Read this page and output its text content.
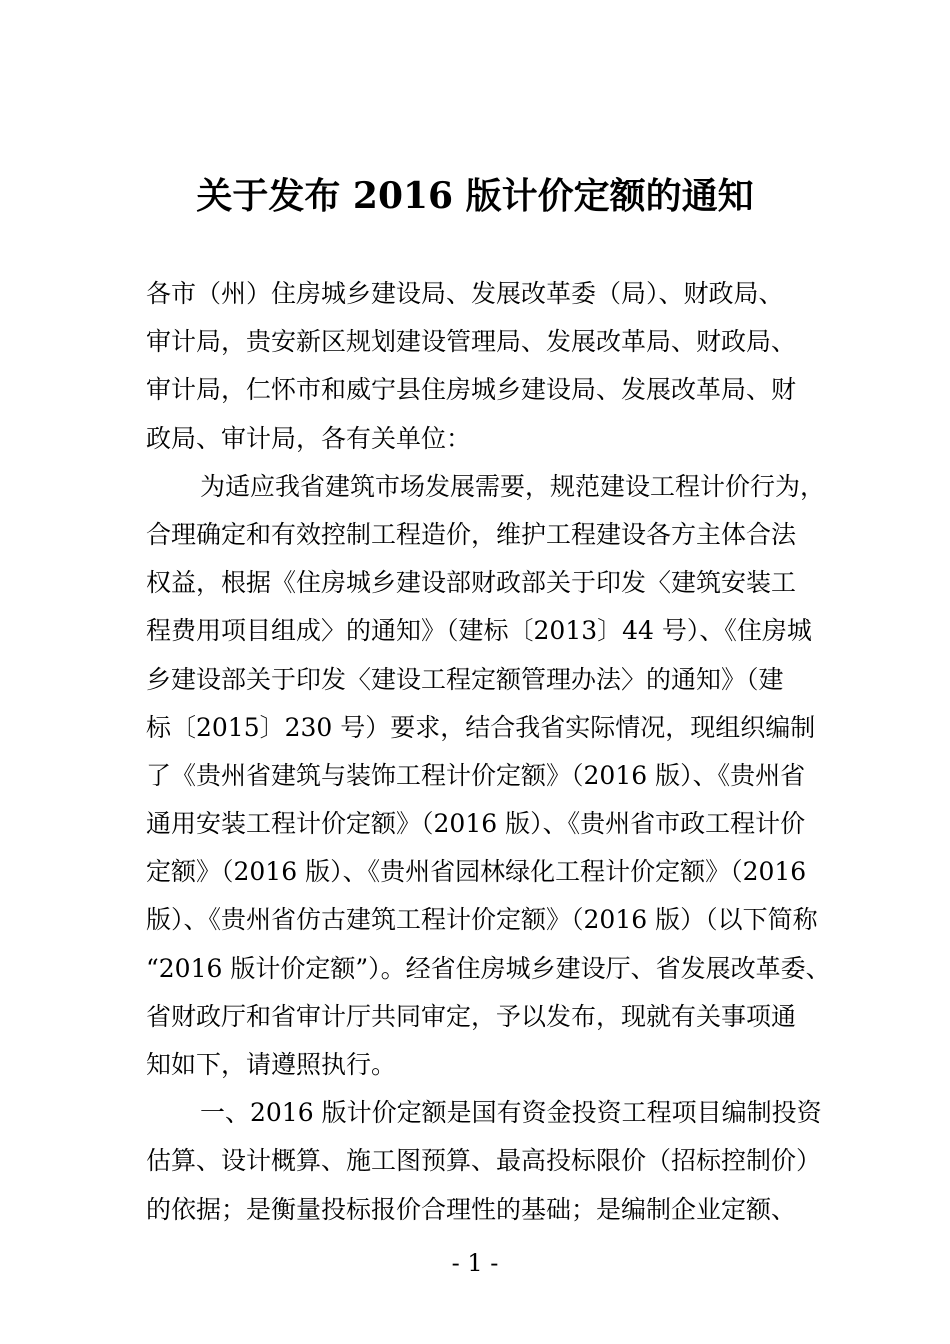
关于发布 2016 版计价定额的通知
各市（州）住房城乡建设局、发展改革委（局）、财政局、
审计局，贵安新区规划建设管理局、发展改革局、财政局、
审计局，仁怀市和威宁县住房城乡建设局、发展改革局、财
政局、审计局，各有关单位：
为适应我省建筑市场发展需要，规范建设工程计价行为，
合理确定和有效控制工程造价，维护工程建设各方主体合法
权益，根据《住房城乡建设部财政部关于印发〈建筑安装工
程费用项目组成〉的通知》（建标〔2013〕44 号）、《住房城
乡建设部关于印发〈建设工程定额管理办法〉的通知》（建
标〔2015〕230 号）要求，结合我省实际情况，现组织编制
了《贵州省建筑与装饰工程计价定额》（2016 版）、《贵州省
通用安装工程计价定额》（2016 版）、《贵州省市政工程计价
定额》（2016 版）、《贵州省园林绿化工程计价定额》（2016
版）、《贵州省仿古建筑工程计价定额》（2016 版）（以下简称
“2016 版计价定额”）。经省住房城乡建设厅、省发展改革委、
省财政厅和省审计厅共同审定，予以发布，现就有关事项通
知如下，请遵照执行。
一、2016 版计价定额是国有资金投资工程项目编制投资
估算、设计概算、施工图预算、最高投标限价（招标控制价）
的依据；是衡量投标报价合理性的基础；是编制企业定额、
- 1 -
